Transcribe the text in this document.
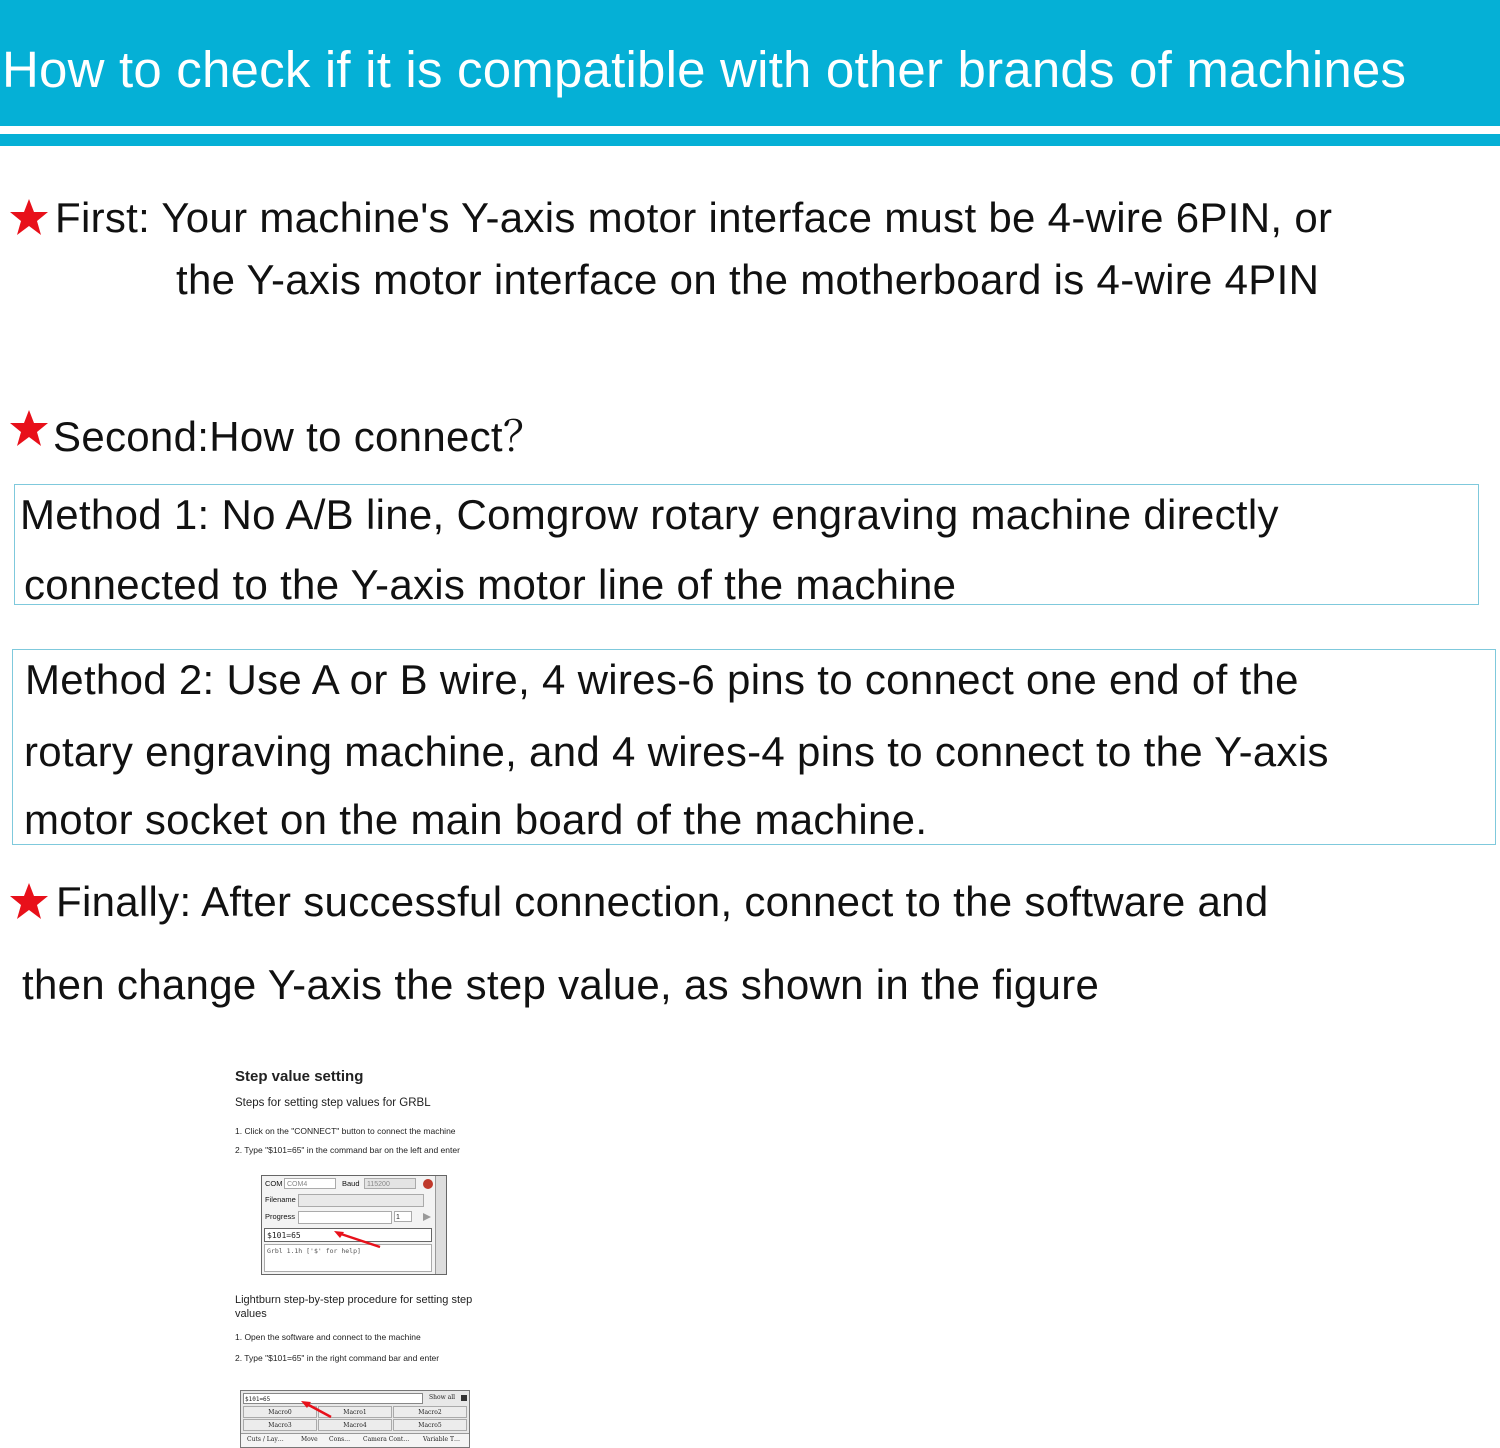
How to check if it is compatible with other brands of machines
First: Your machine's Y-axis motor interface must be 4-wire 6PIN, or
the Y-axis motor interface on the motherboard is 4-wire 4PIN
Second:How to connect？
Method 1: No A/B line, Comgrow rotary engraving machine directly
connected to the Y-axis motor line of the machine
Method 2: Use A or B wire, 4 wires-6 pins to connect one end of the
rotary engraving machine, and 4 wires-4 pins to connect to the Y-axis
motor socket on the main board of the machine.
Finally: After successful connection, connect to the software and
then change Y-axis the step value, as shown in the figure
Step value setting
Steps for setting step values for GRBL
1. Click on the "CONNECT" button to connect the machine
2. Type "$101=65" in the command bar on the left and enter
COM COM4	Baud	115200
Filename
Progress	1
$101=65
Grbl 1.1h ['$' for help]
Lightburn step-by-step procedure for setting step
values
1. Open the software and connect to the machine
2. Type "$101=65" in the right command bar and enter
$101=65	Show all
Macro0	Macro1	Macro2
Macro3	Macro4	Macro5
Cuts / Lay…	Move Cons… Camera Cont… Variable T…
